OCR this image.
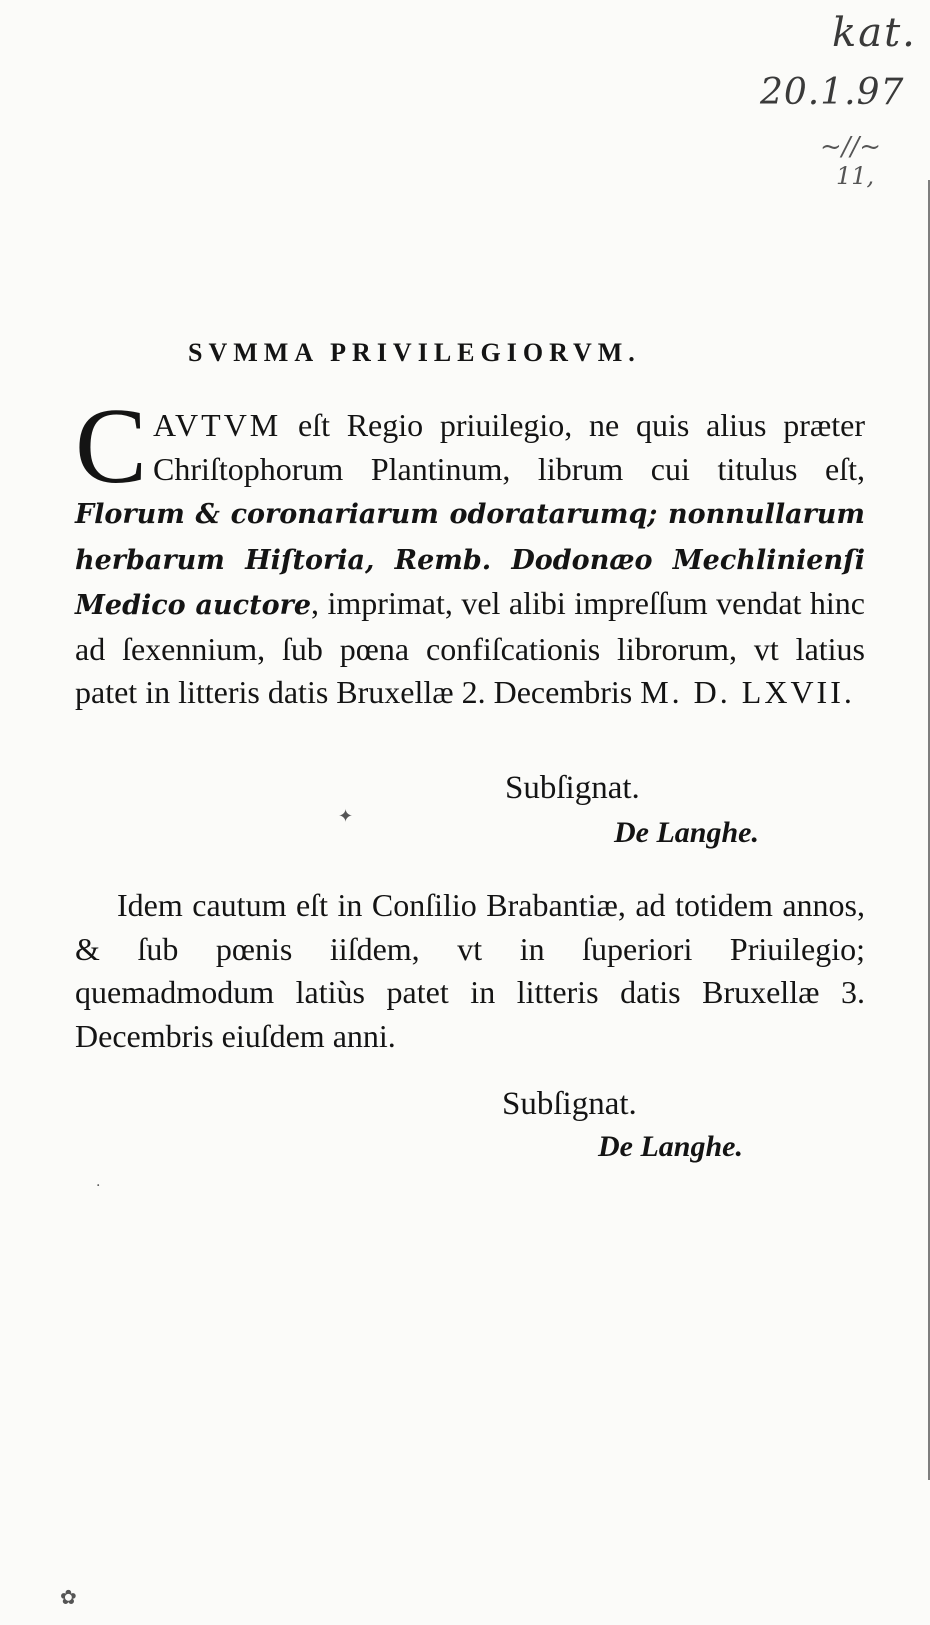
kat.
20.1.97
~//~
11,
SVMMA PRIVILEGIORVM.
C AVTVM eſt Regio priuilegio, ne quis alius præter Chriſtophorum Plantinum, librum cui titulus eſt, Florum & coronariarum odoratarumq; nonnullarum herbarum Hiſtoria, Remb. Dodonæo Mechlinienſi Medico auctore, imprimat, vel alibi impreſſum vendat hinc ad ſexennium, ſub pœna confiſcationis librorum, vt latius patet in litteris datis Bruxellæ 2. Decembris M. D. LXVII.
Subſignat.
De Langhe.
Idem cautum eſt in Conſilio Brabantiæ, ad totidem annos, & ſub pœnis iiſdem, vt in ſuperiori Priuilegio; quemadmodum latiùs patet in litteris datis Bruxellæ 3. Decembris eiuſdem anni.
Subſignat.
De Langhe.
✦
·
✿
